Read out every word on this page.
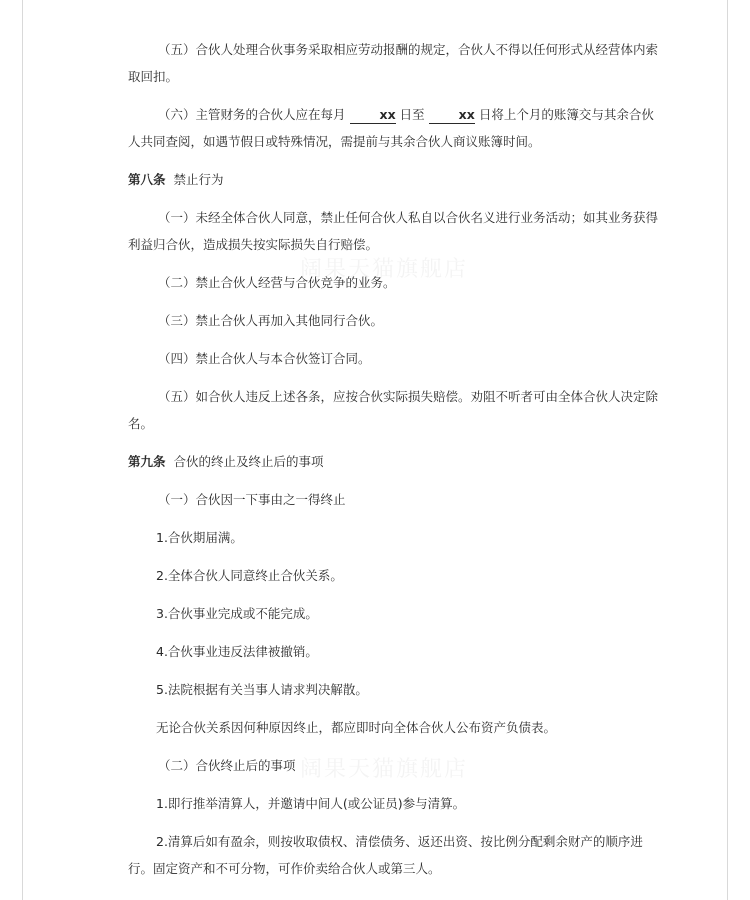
（五）合伙人处理合伙事务采取相应劳动报酬的规定，合伙人不得以任何形式从经营体内索取回扣。

（六）主管财务的合伙人应在每月	xx 日至	xx 日将上个月的账簿交与其余合伙人共同查阅，如遇节假日或特殊情况，需提前与其余合伙人商议账簿时间。

第八条 禁止行为

（一）未经全体合伙人同意，禁止任何合伙人私自以合伙名义进行业务活动；如其业务获得利益归合伙，造成损失按实际损失自行赔偿。

（二）禁止合伙人经营与合伙竞争的业务。

（三）禁止合伙人再加入其他同行合伙。

（四）禁止合伙人与本合伙签订合同。

（五）如合伙人违反上述各条，应按合伙实际损失赔偿。劝阻不听者可由全体合伙人决定除名。

第九条 合伙的终止及终止后的事项

（一）合伙因一下事由之一得终止

1.合伙期届满。

2.全体合伙人同意终止合伙关系。

3.合伙事业完成或不能完成。

4.合伙事业违反法律被撤销。

5.法院根据有关当事人请求判决解散。

无论合伙关系因何种原因终止，都应即时向全体合伙人公布资产负债表。

（二）合伙终止后的事项

1.即行推举清算人，并邀请中间人(或公证员)参与清算。

2.清算后如有盈余，则按收取债权、清偿债务、返还出资、按比例分配剩余财产的顺序进行。固定资产和不可分物，可作价卖给合伙人或第三人。
